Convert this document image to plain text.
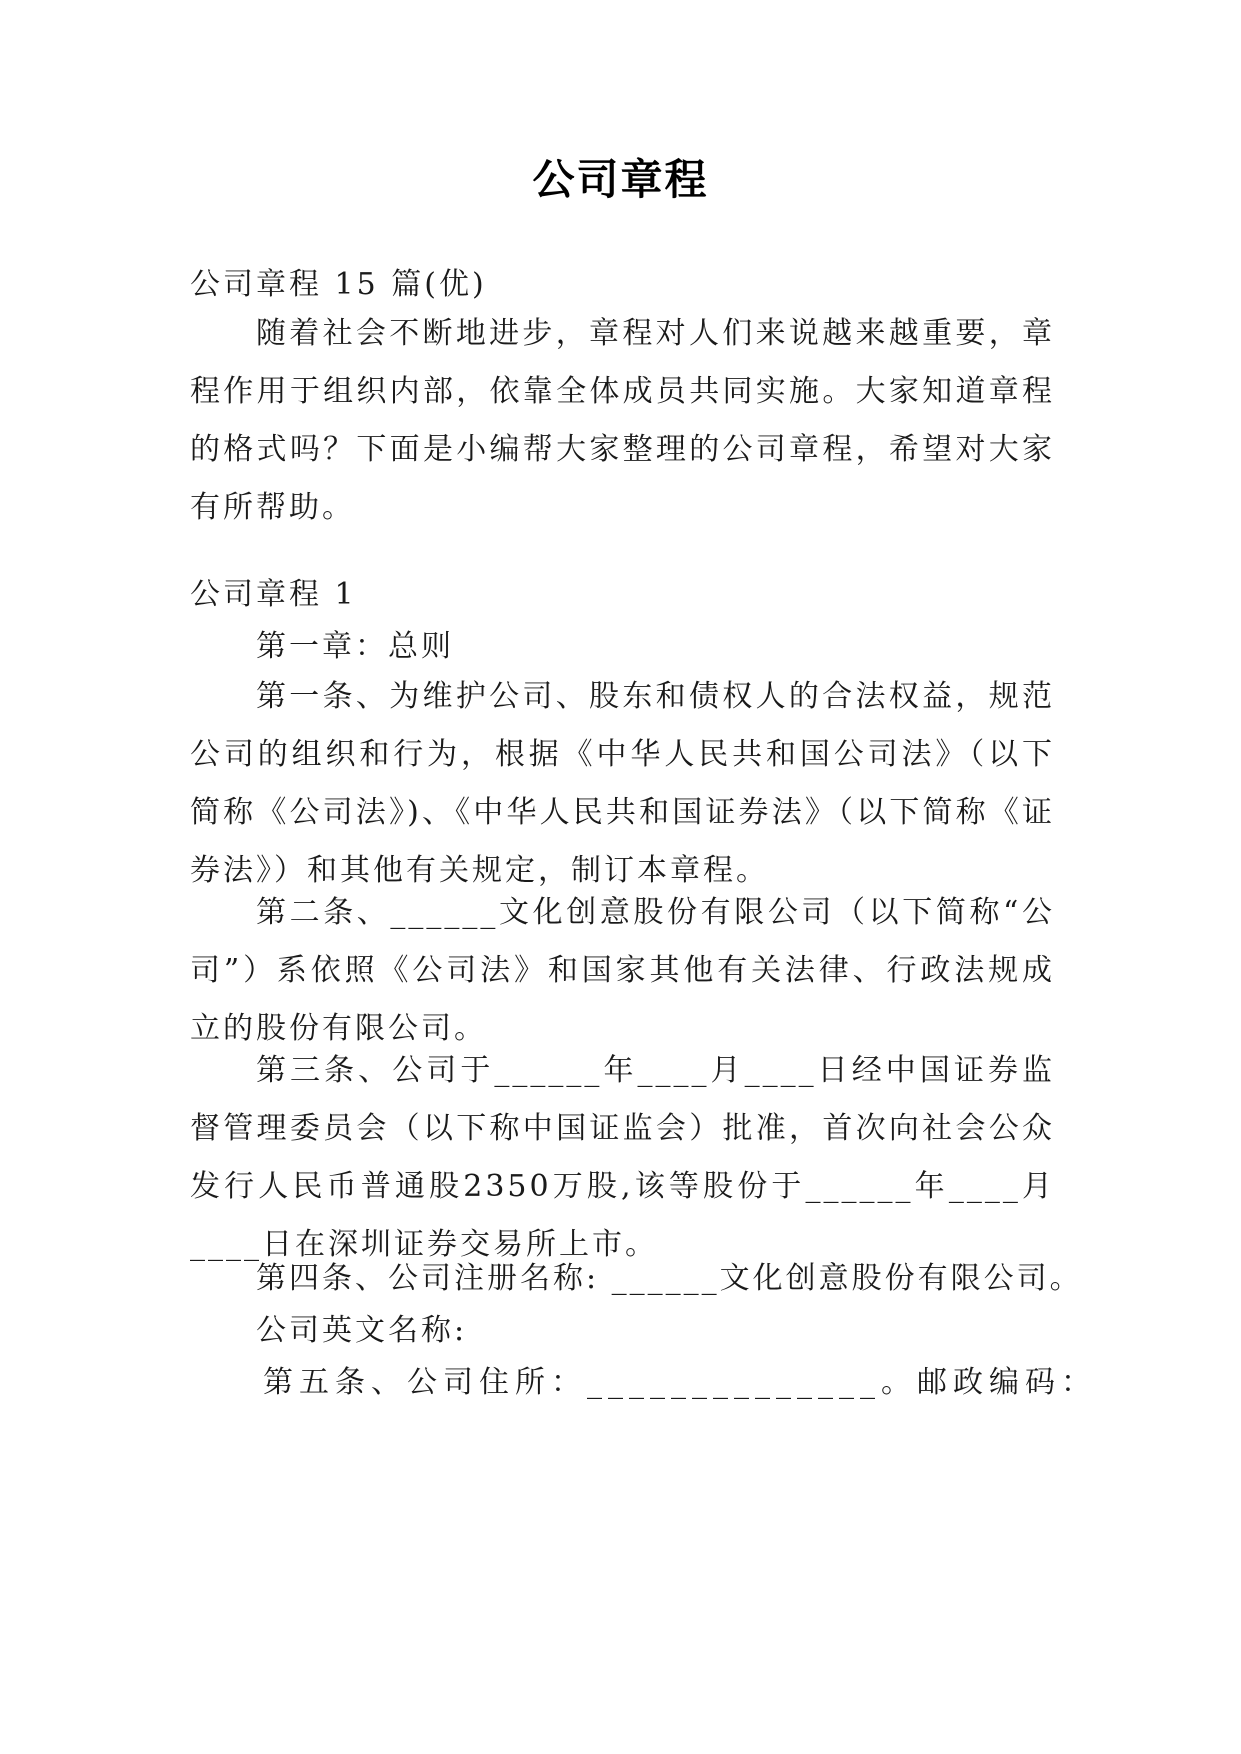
公司章程
公司章程 15 篇(优)
随着社会不断地进步，章程对人们来说越来越重要，章程作用于组织内部，依靠全体成员共同实施。大家知道章程的格式吗？下面是小编帮大家整理的公司章程，希望对大家有所帮助。
公司章程 1
第一章：总则
第一条、为维护公司、股东和债权人的合法权益，规范公司的组织和行为，根据《中华人民共和国公司法》（以下简称《公司法》)、《中华人民共和国证券法》（以下简称《证券法》）和其他有关规定，制订本章程。
第二条、______文化创意股份有限公司（以下简称“公司”）系依照《公司法》和国家其他有关法律、行政法规成立的股份有限公司。
第三条、公司于______年____月____日经中国证券监督管理委员会（以下称中国证监会）批准，首次向社会公众发行人民币普通股2350万股,该等股份于______年____月____日在深圳证券交易所上市。
第四条、公司注册名称: ______文化创意股份有限公司。
公司英文名称:
第五条、公司住所：______________。邮政编码：
